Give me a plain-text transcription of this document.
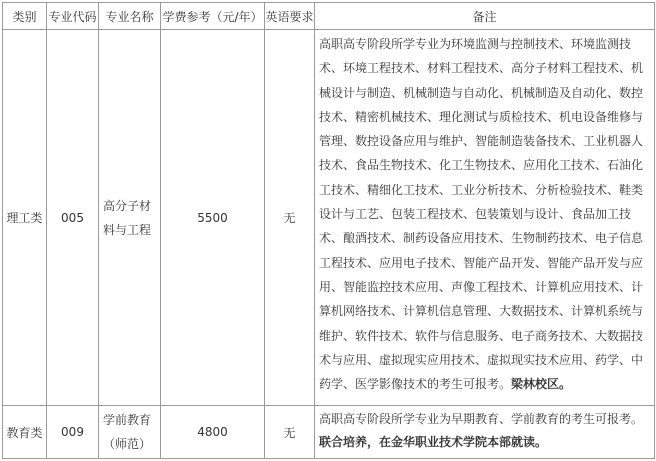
类别	专业代码	专业名称	学费参考（元/年）	英语要求	备注
理工类	005	高分子材料与工程	5500	无	高职高专阶段所学专业为环境监测与控制技术、环境监测技术、环境工程技术、材料工程技术、高分子材料工程技术、机械设计与制造、机械制造与自动化、机械制造及自动化、数控技术、精密机械技术、理化测试与质检技术、机电设备维修与管理、数控设备应用与维护、智能制造装备技术、工业机器人技术、食品生物技术、化工生物技术、应用化工技术、石油化工技术、精细化工技术、工业分析技术、分析检验技术、鞋类设计与工艺、包装工程技术、包装策划与设计、食品加工技术、酿酒技术、制药设备应用技术、生物制药技术、电子信息工程技术、应用电子技术、智能产品开发、智能产品开发与应用、智能监控技术应用、声像工程技术、计算机应用技术、计算机网络技术、计算机信息管理、大数据技术、计算机系统与维护、软件技术、软件与信息服务、电子商务技术、大数据技术与应用、虚拟现实应用技术、虚拟现实技术应用、药学、中药学、医学影像技术的考生可报考。梁林校区。
教育类	009	学前教育（师范）	4800	无	高职高专阶段所学专业为早期教育、学前教育的考生可报考。
联合培养，在金华职业技术学院本部就读。
